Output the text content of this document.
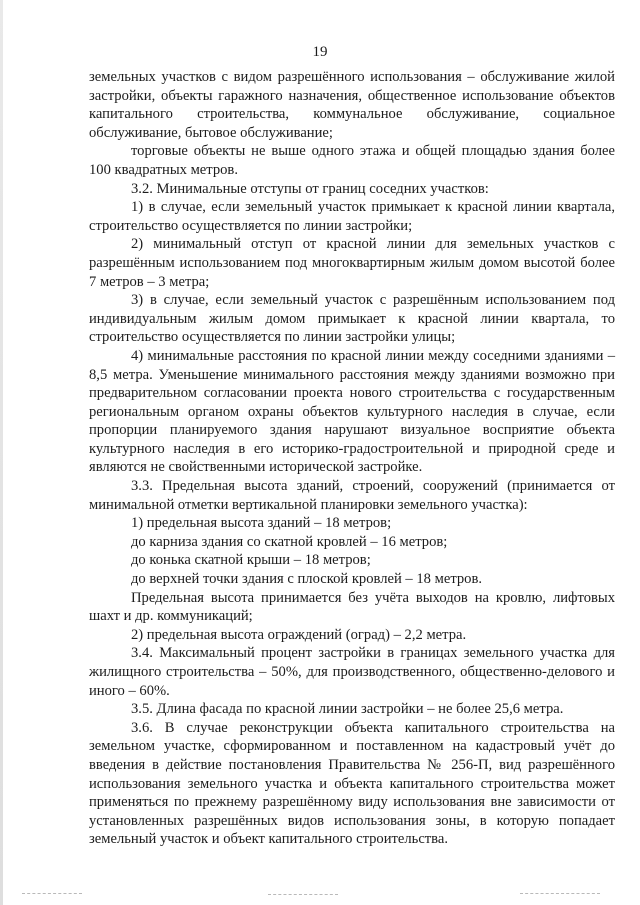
19

земельных участков с видом разрешённого использования – обслуживание жилой застройки, объекты гаражного назначения, общественное использование объектов капитального строительства, коммунальное обслуживание, социальное обслуживание, бытовое обслуживание;

торговые объекты не выше одного этажа и общей площадью здания более 100 квадратных метров.

3.2. Минимальные отступы от границ соседних участков:

1) в случае, если земельный участок примыкает к красной линии квартала, строительство осуществляется по линии застройки;

2) минимальный отступ от красной линии для земельных участков с разрешённым использованием под многоквартирным жилым домом высотой более 7 метров – 3 метра;

3) в случае, если земельный участок с разрешённым использованием под индивидуальным жилым домом примыкает к красной линии квартала, то строительство осуществляется по линии застройки улицы;

4) минимальные расстояния по красной линии между соседними зданиями – 8,5 метра. Уменьшение минимального расстояния между зданиями возможно при предварительном согласовании проекта нового строительства с государственным региональным органом охраны объектов культурного наследия в случае, если пропорции планируемого здания нарушают визуальное восприятие объекта культурного наследия в его историко-градостроительной и природной среде и являются не свойственными исторической застройке.

3.3. Предельная высота зданий, строений, сооружений (принимается от минимальной отметки вертикальной планировки земельного участка):

1) предельная высота зданий – 18 метров;

до карниза здания со скатной кровлей – 16 метров;

до конька скатной крыши – 18 метров;

до верхней точки здания с плоской кровлей – 18 метров.

Предельная высота принимается без учёта выходов на кровлю, лифтовых шахт и др. коммуникаций;

2) предельная высота ограждений (оград) – 2,2 метра.

3.4. Максимальный процент застройки в границах земельного участка для жилищного строительства – 50%, для производственного, общественно-делового и иного – 60%.

3.5. Длина фасада по красной линии застройки – не более 25,6 метра.

3.6. В случае реконструкции объекта капитального строительства на земельном участке, сформированном и поставленном на кадастровый учёт до введения в действие постановления Правительства № 256-П, вид разрешённого использования земельного участка и объекта капитального строительства может применяться по прежнему разрешённому виду использования вне зависимости от установленных разрешённых видов использования зоны, в которую попадает земельный участок и объект капитального строительства.
